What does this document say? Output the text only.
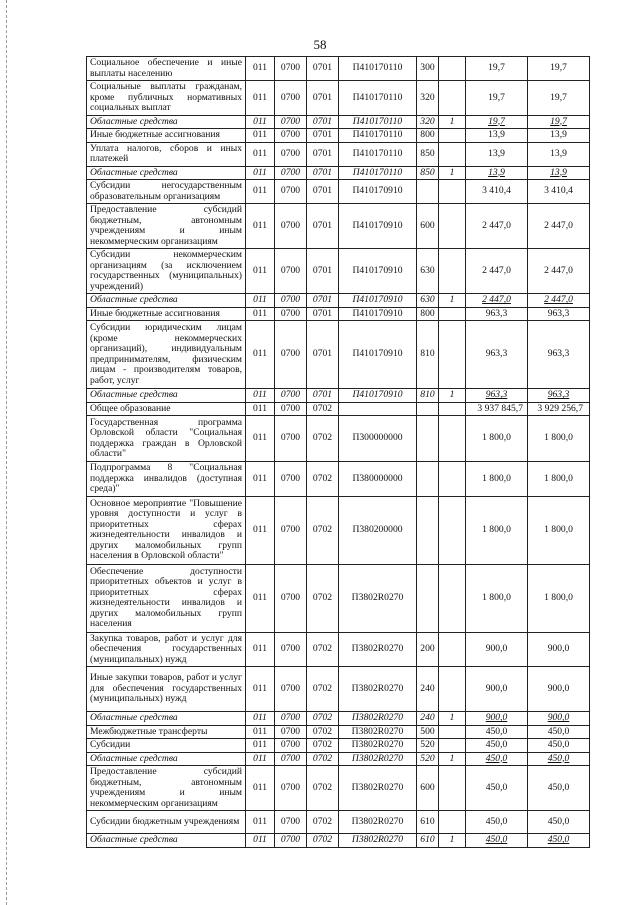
58
Социальное обеспечение и иные выплаты населению	011	0700	0701	П410170110	300		19,7	19,7
Социальные выплаты гражданам, кроме публичных нормативных социальных выплат	011	0700	0701	П410170110	320		19,7	19,7
Областные средства	011	0700	0701	П410170110	320	1	19,7	19,7
Иные бюджетные ассигнования	011	0700	0701	П410170110	800		13,9	13,9
Уплата налогов, сборов и иных платежей	011	0700	0701	П410170110	850		13,9	13,9
Областные средства	011	0700	0701	П410170110	850	1	13,9	13,9
Субсидии негосударственным образовательным организациям	011	0700	0701	П410170910			3 410,4	3 410,4
Предоставление субсидий бюджетным, автономным учреждениям и иным некоммерческим организациям	011	0700	0701	П410170910	600		2 447,0	2 447,0
Субсидии некоммерческим организациям (за исключением государственных (муниципальных) учреждений)	011	0700	0701	П410170910	630		2 447,0	2 447,0
Областные средства	011	0700	0701	П410170910	630	1	2 447,0	2 447,0
Иные бюджетные ассигнования	011	0700	0701	П410170910	800		963,3	963,3
Субсидии юридическим лицам (кроме некоммерческих организаций), индивидуальным предпринимателям, физическим лицам - производителям товаров, работ, услуг	011	0700	0701	П410170910	810		963,3	963,3
Областные средства	011	0700	0701	П410170910	810	1	963,3	963,3
Общее образование	011	0700	0702				3 937 845,7	3 929 256,7
Государственная программа Орловской области "Социальная поддержка граждан в Орловской области"	011	0700	0702	П300000000			1 800,0	1 800,0
Подпрограмма 8 "Социальная поддержка инвалидов (доступная среда)"	011	0700	0702	П380000000			1 800,0	1 800,0
Основное мероприятие "Повышение уровня доступности и услуг в приоритетных сферах жизнедеятельности инвалидов и других маломобильных групп населения в Орловской области"	011	0700	0702	П380200000			1 800,0	1 800,0
Обеспечение доступности приоритетных объектов и услуг в приоритетных сферах жизнедеятельности инвалидов и других маломобильных групп населения	011	0700	0702	П3802R0270			1 800,0	1 800,0
Закупка товаров, работ и услуг для обеспечения государственных (муниципальных) нужд	011	0700	0702	П3802R0270	200		900,0	900,0
Иные закупки товаров, работ и услуг для обеспечения государственных (муниципальных) нужд	011	0700	0702	П3802R0270	240		900,0	900,0
Областные средства	011	0700	0702	П3802R0270	240	1	900,0	900,0
Межбюджетные трансферты	011	0700	0702	П3802R0270	500		450,0	450,0
Субсидии	011	0700	0702	П3802R0270	520		450,0	450,0
Областные средства	011	0700	0702	П3802R0270	520	1	450,0	450,0
Предоставление субсидий бюджетным, автономным учреждениям и иным некоммерческим организациям	011	0700	0702	П3802R0270	600		450,0	450,0
Субсидии бюджетным учреждениям	011	0700	0702	П3802R0270	610		450,0	450,0
Областные средства	011	0700	0702	П3802R0270	610	1	450,0	450,0
